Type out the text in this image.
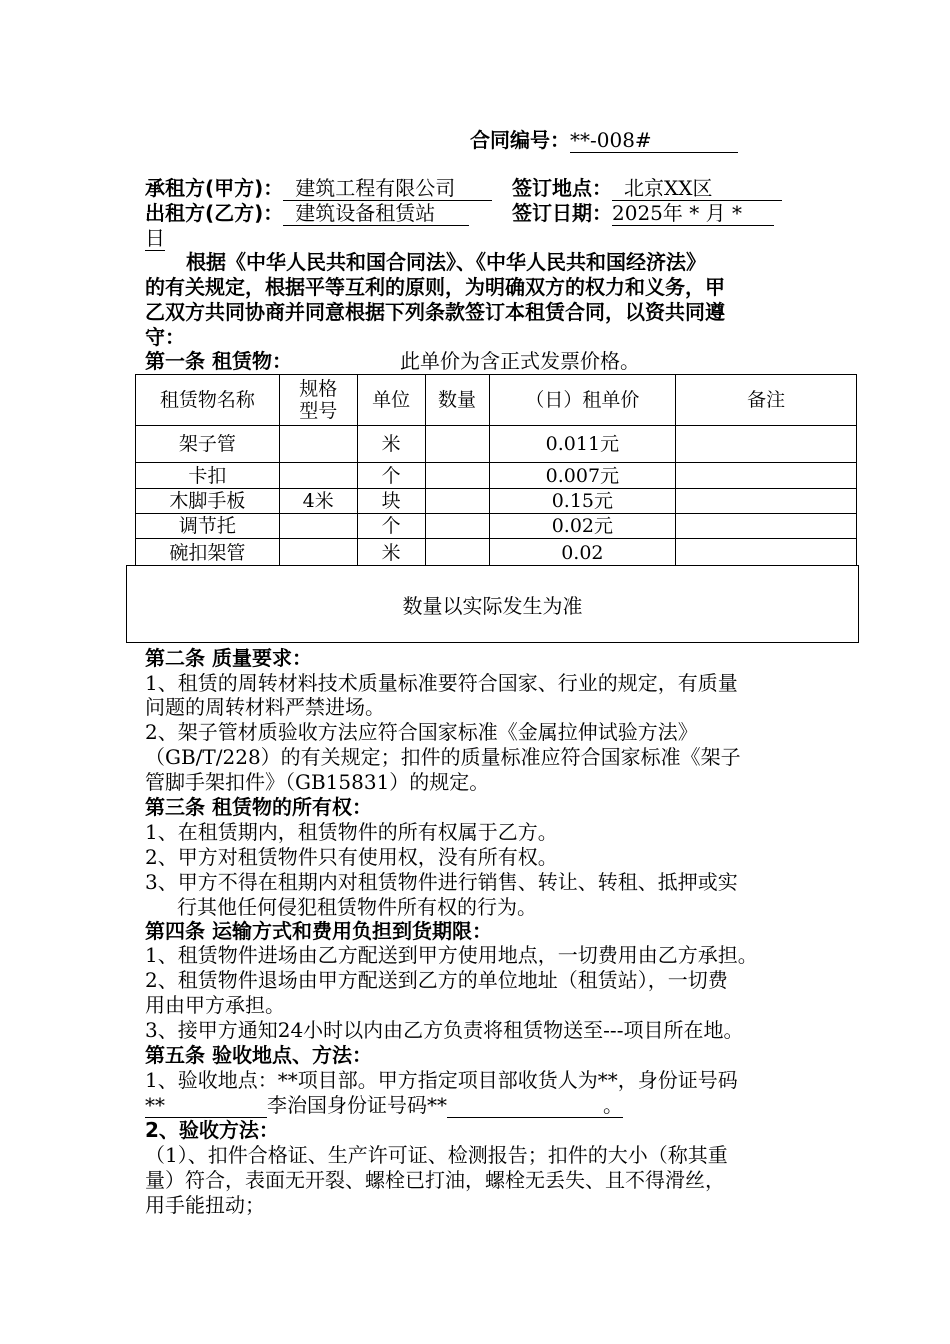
合同编号：**-008#
承租方(甲方)： 建筑工程有限公司	签订地点： 北京XX区
出租方(乙方)： 建筑设备租赁站	签订日期：2025年 * 月 *
日
根据《中华人民共和国合同法》、《中华人民共和国经济法》
的有关规定，根据平等互利的原则，为明确双方的权力和义务，甲
乙双方共同协商并同意根据下列条款签订本租赁合同，以资共同遵
守：
第一条 租赁物：	此单价为含正式发票价格。
租赁物名称	规格型号	单位	数量	（日）租单价	备注
架子管		米		0.011元	
卡扣		个		0.007元	
木脚手板	4米	块		0.15元	
调节托		个		0.02元	
碗扣架管		米		0.02	
数量以实际发生为准
第二条 质量要求：
1、租赁的周转材料技术质量标准要符合国家、行业的规定，有质量
问题的周转材料严禁进场。
2、架子管材质验收方法应符合国家标准《金属拉伸试验方法》
（GB/T/228）的有关规定；扣件的质量标准应符合国家标准《架子
管脚手架扣件》（GB15831）的规定。
第三条 租赁物的所有权：
1、在租赁期内，租赁物件的所有权属于乙方。
2、甲方对租赁物件只有使用权，没有所有权。
3、甲方不得在租期内对租赁物件进行销售、转让、转租、抵押或实
行其他任何侵犯租赁物件所有权的行为。
第四条 运输方式和费用负担到货期限：
1、租赁物件进场由乙方配送到甲方使用地点，一切费用由乙方承担。
2、租赁物件退场由甲方配送到乙方的单位地址（租赁站），一切费
用由甲方承担。
3、接甲方通知24小时以内由乙方负责将租赁物送至---项目所在地。
第五条 验收地点、方法：
1、验收地点：**项目部。甲方指定项目部收货人为**，身份证号码
**	李治国身份证号码**	。
2、验收方法：
（1）、扣件合格证、生产许可证、检测报告；扣件的大小（称其重
量）符合，表面无开裂、螺栓已打油，螺栓无丢失、且不得滑丝，
用手能扭动；
